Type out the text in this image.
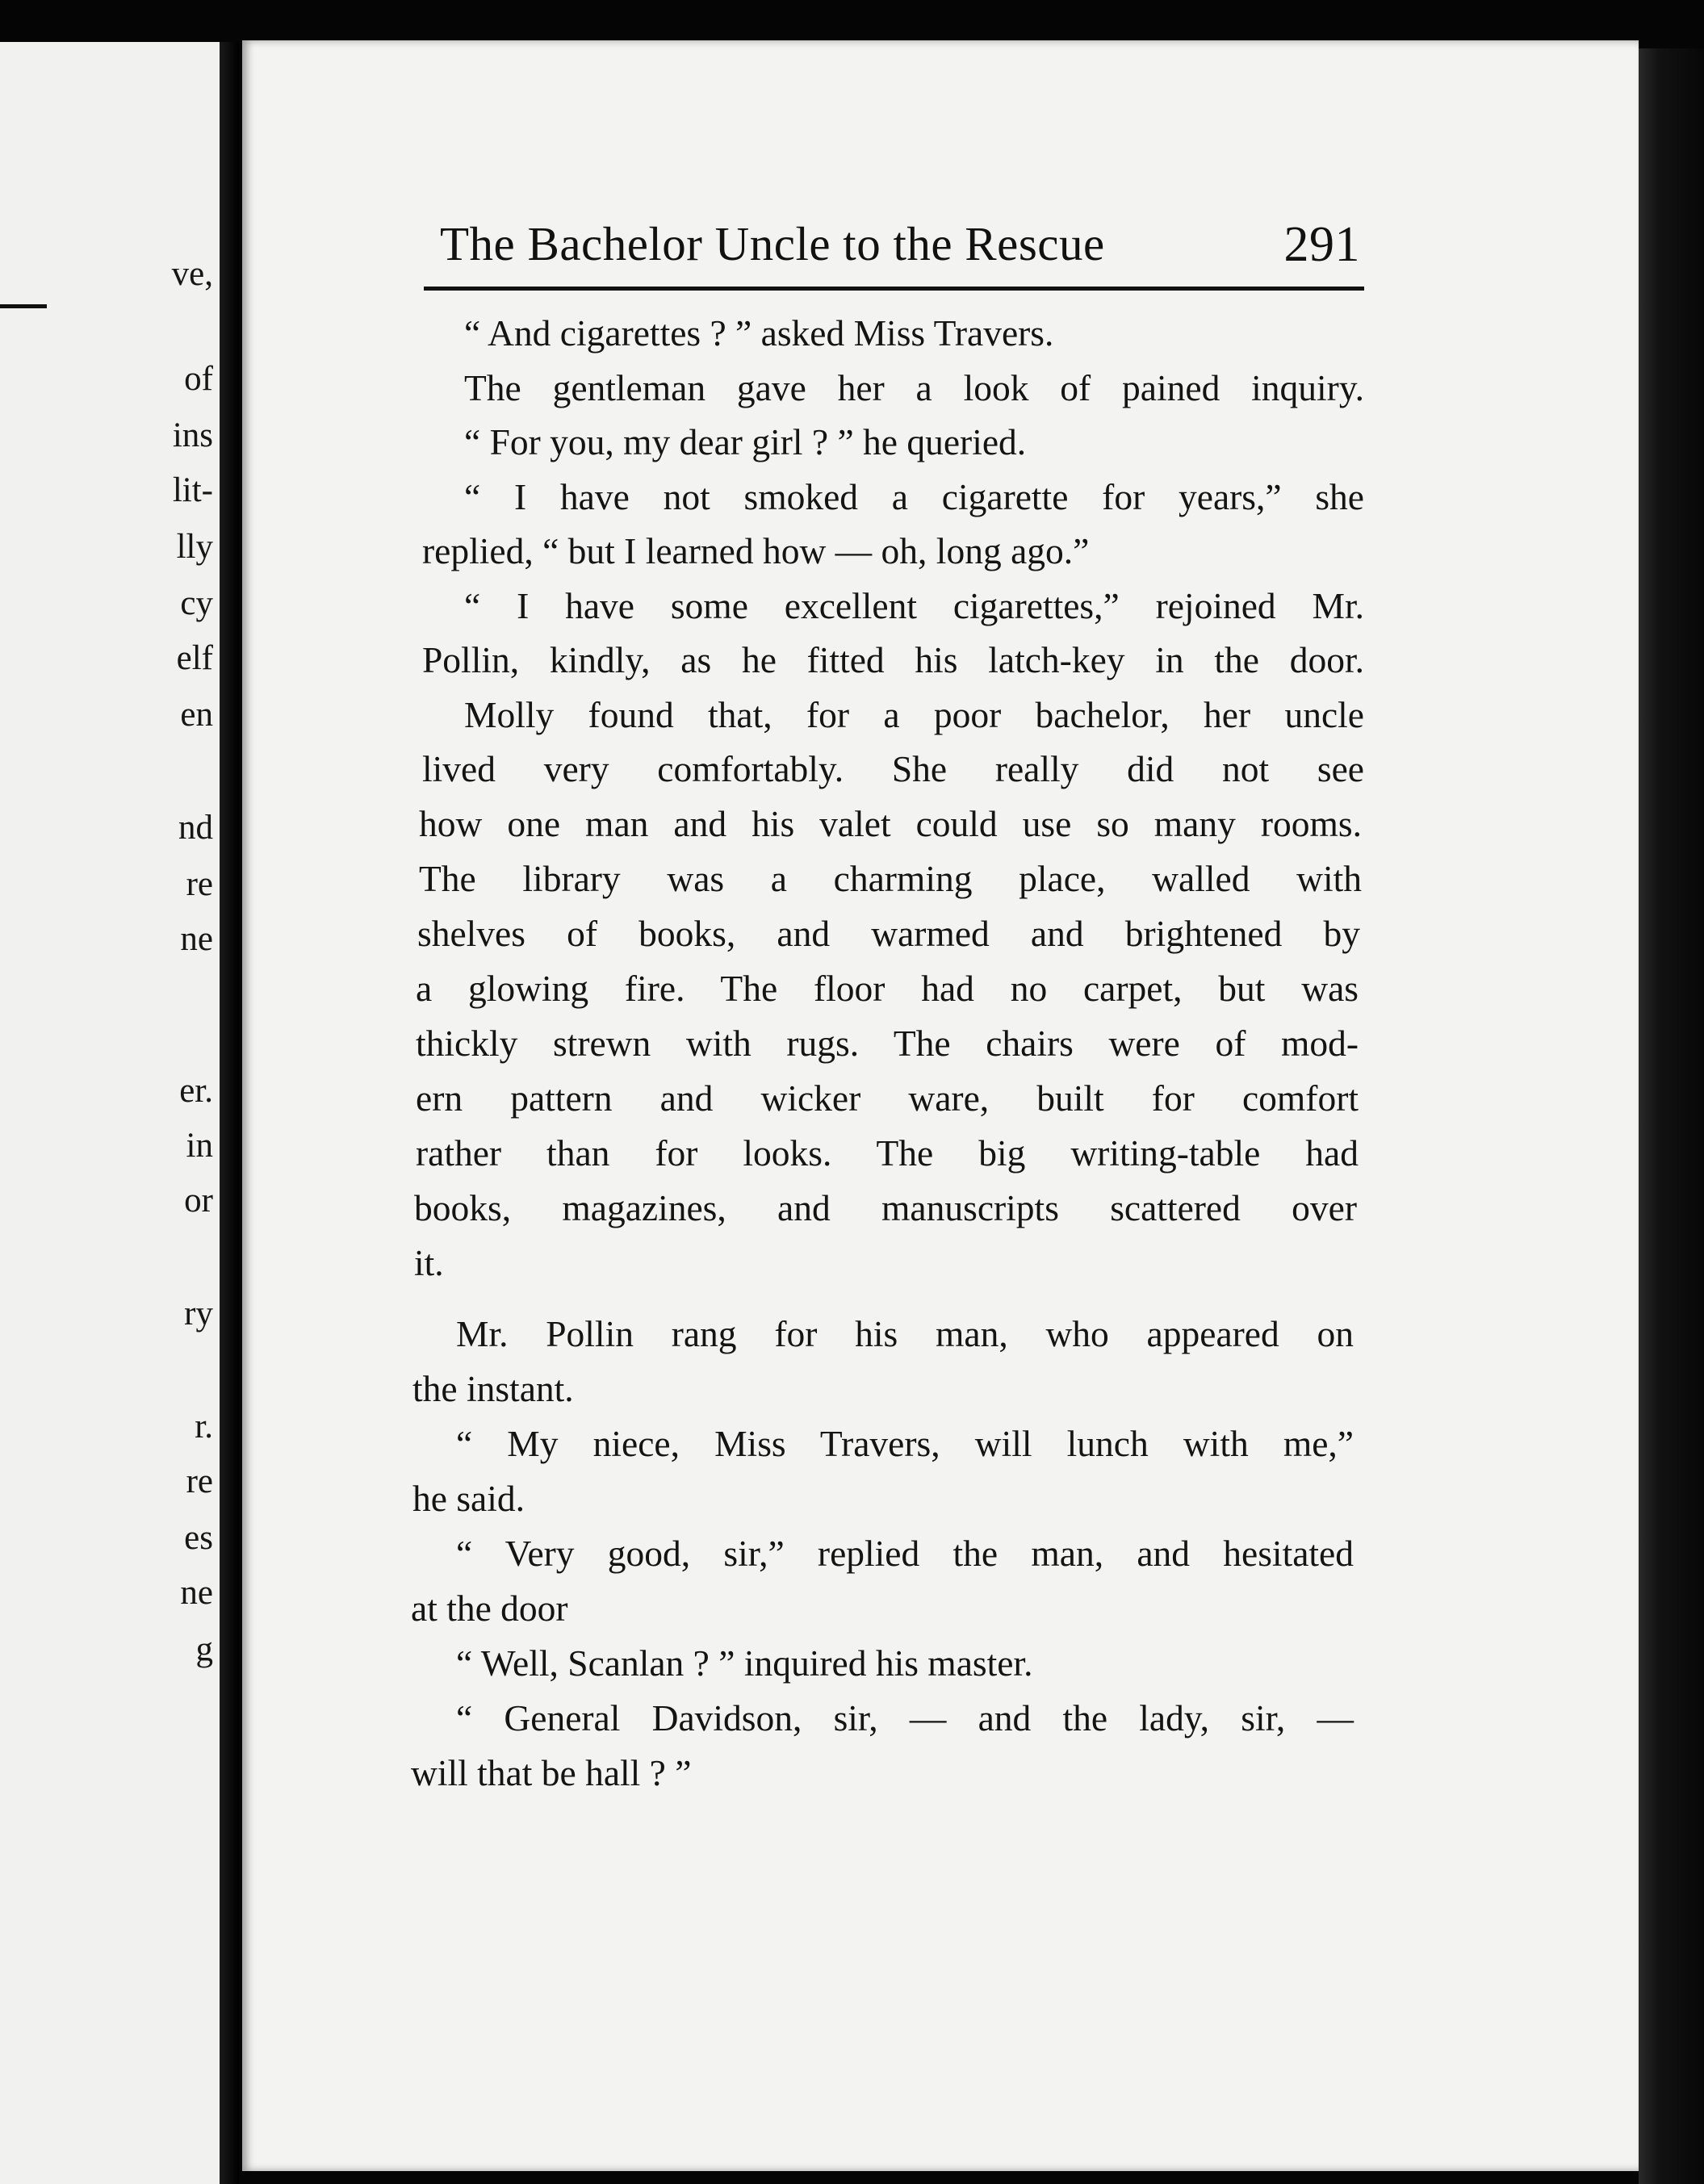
ve,
of
ins
lit-
lly
cy
elf
en
nd
re
ne
er.
in
or
ry
r.
re
es
ne
g
The Bachelor Uncle to the Rescue	291
“ And cigarettes ? ” asked Miss Travers.
The gentleman gave her a look of pained inquiry.
“ For you, my dear girl ? ” he queried.
“ I have not smoked a cigarette for years,” she
replied, “ but I learned how — oh, long ago.”
“ I have some excellent cigarettes,” rejoined Mr.
Pollin, kindly, as he fitted his latch-key in the door.
Molly found that, for a poor bachelor, her uncle
lived very comfortably. She really did not see
how one man and his valet could use so many rooms.
The library was a charming place, walled with
shelves of books, and warmed and brightened by
a glowing fire. The floor had no carpet, but was
thickly strewn with rugs. The chairs were of mod-
ern pattern and wicker ware, built for comfort
rather than for looks. The big writing-table had
books, magazines, and manuscripts scattered over
it.
Mr. Pollin rang for his man, who appeared on
the instant.
“ My niece, Miss Travers, will lunch with me,”
he said.
“ Very good, sir,” replied the man, and hesitated
at the door
“ Well, Scanlan ? ” inquired his master.
“ General Davidson, sir, — and the lady, sir, —
will that be hall ? ”
